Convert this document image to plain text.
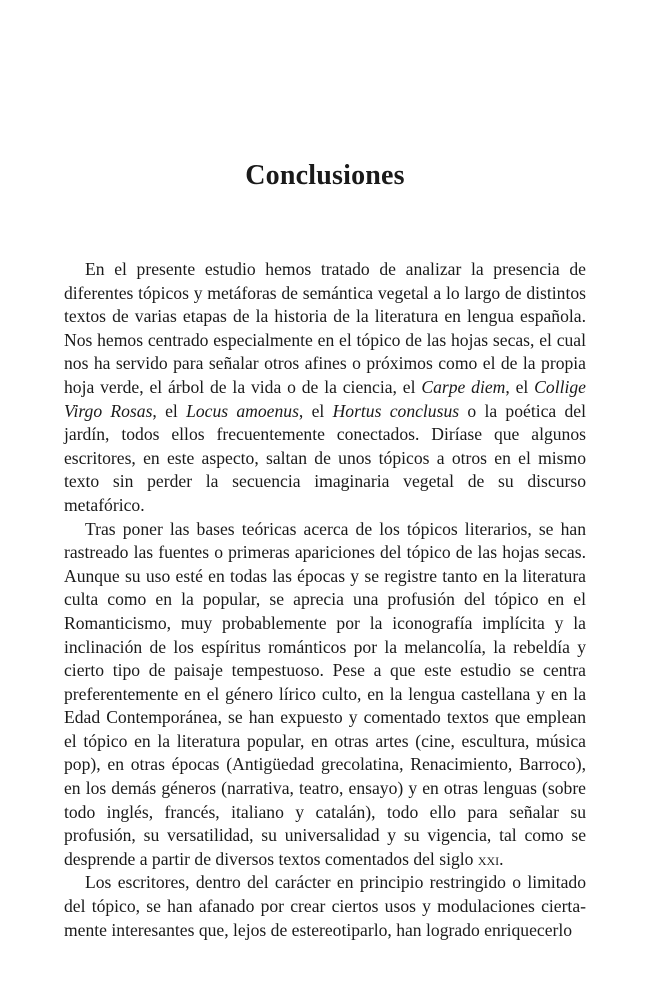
Conclusiones

En el presente estudio hemos tratado de analizar la presencia de diferentes tópicos y metáforas de semántica vegetal a lo largo de distintos textos de varias etapas de la historia de la literatura en lengua española. Nos hemos centrado especialmente en el tópico de las hojas secas, el cual nos ha servido para señalar otros afines o próximos como el de la propia hoja verde, el árbol de la vida o de la ciencia, el Carpe diem, el Collige Virgo Rosas, el Locus amoenus, el Hortus conclusus o la poética del jardín, todos ellos frecuentemente conectados. Diríase que algunos escritores, en este aspecto, saltan de unos tópicos a otros en el mismo texto sin perder la secuencia imaginaria vegetal de su discurso metafórico.

Tras poner las bases teóricas acerca de los tópicos literarios, se han rastreado las fuentes o primeras apariciones del tópico de las hojas secas. Aunque su uso esté en todas las épocas y se registre tanto en la literatura culta como en la popular, se aprecia una profusión del tópico en el Romanticismo, muy probablemente por la iconografía implícita y la inclinación de los espíritus románticos por la melancolía, la rebeldía y cierto tipo de paisaje tempestuoso. Pese a que este estudio se centra preferentemente en el género lírico culto, en la lengua castellana y en la Edad Contemporánea, se han expuesto y comentado textos que emplean el tópico en la literatura popular, en otras artes (cine, escultura, música pop), en otras épocas (Antigüedad grecolatina, Renacimiento, Barroco), en los demás géneros (narrativa, teatro, ensayo) y en otras lenguas (sobre todo inglés, francés, italiano y catalán), todo ello para señalar su profusión, su versatilidad, su universalidad y su vigencia, tal como se desprende a partir de diversos textos comentados del siglo xxi.

Los escritores, dentro del carácter en principio restringido o limitado del tópico, se han afanado por crear ciertos usos y modulaciones ciertamente interesantes que, lejos de estereotiparlo, han logrado enriquecerlo
